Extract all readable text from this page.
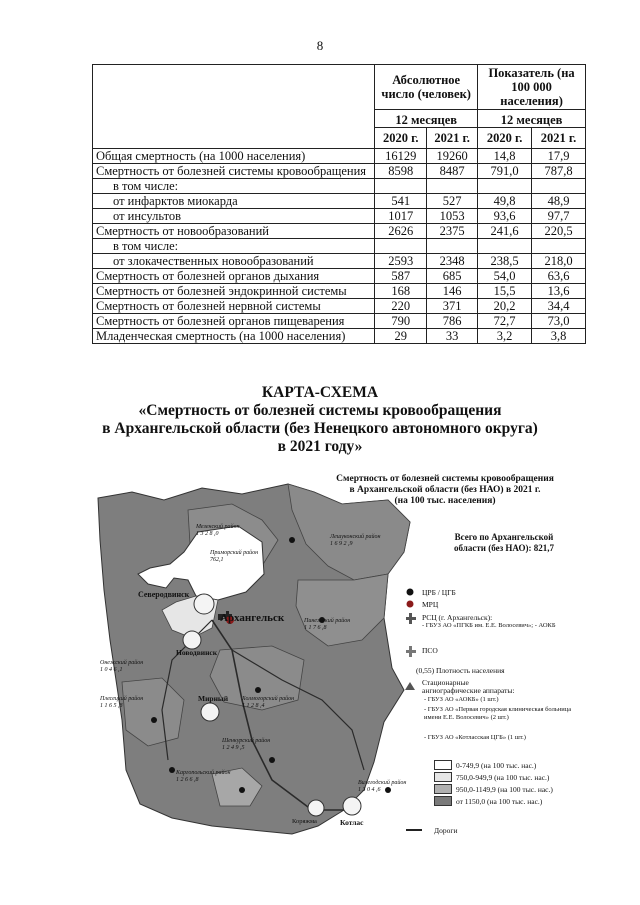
8
	Абсолютное число (человек)		Показатель (на 100 000 населения)	
	12 месяцев		12 месяцев	
	2020 г.	2021 г.	2020 г.	2021 г.
Общая смертность (на 1000 населения)	16129	19260	14,8	17,9
Смертность от болезней системы кровообращения	8598	8487	791,0	787,8
в том числе:				
от инфарктов миокарда	541	527	49,8	48,9
от инсультов	1017	1053	93,6	97,7
Смертность от новообразований	2626	2375	241,6	220,5
в том числе:				
от злокачественных новообразований	2593	2348	238,5	218,0
Смертность от болезней органов дыхания	587	685	54,0	63,6
Смертность от болезней эндокринной системы	168	146	15,5	13,6
Смертность от болезней нервной системы	220	371	20,2	34,4
Смертность от болезней органов пищеварения	790	786	72,7	73,0
Младенческая смертность (на 1000 населения)	29	33	3,2	3,8
КАРТА-СХЕМА
«Смертность от болезней системы кровообращения
в Архангельской области (без Ненецкого автономного округа)
в 2021 году»
Смертность от болезней системы кровообращения
в Архангельской области (без НАО) в 2021 г.
(на 100 тыс. населения)
Всего по Архангельской
области (без НАО): 821,7
Архангельск
Северодвинск
Новодвинск
Мирный
Котлас
Коряжма
Мезенский район
1 3 2 8 ,0
Приморский район
762,1
Лешуконский район
1 6 9 2 ,9
Онежский район
1 0 4 6 ,1
Пинежский район
1 1 7 6 ,8
Плесецкий район
1 1 6 5 ,8
Холмогорский район
1 1 2 8 ,4
Каргопольский район
1 2 6 6 ,8
Шенкурский район
1 2 4 9 ,5
Вилегодский район
1 3 0 4 ,6
ЦРБ / ЦГБ
МРЦ
РСЦ (г. Архангельск):
- ГБУЗ АО «ПГКБ им. Е.Е. Волосевич»; - АОКБ
ПСО
(0,55) Плотность населения
Стационарные
ангиографические аппараты:
- ГБУЗ АО «АОКБ» (1 шт.)
- ГБУЗ АО «Первая городская клиническая больница имени Е.Е. Волосевич» (2 шт.)
- ГБУЗ АО «Котласская ЦГБ» (1 шт.)
0-749,9 (на 100 тыс. нас.)
750,0-949,9 (на 100 тыс. нас.)
950,0-1149,9 (на 100 тыс. нас.)
от 1150,0 (на 100 тыс. нас.)
Дороги
